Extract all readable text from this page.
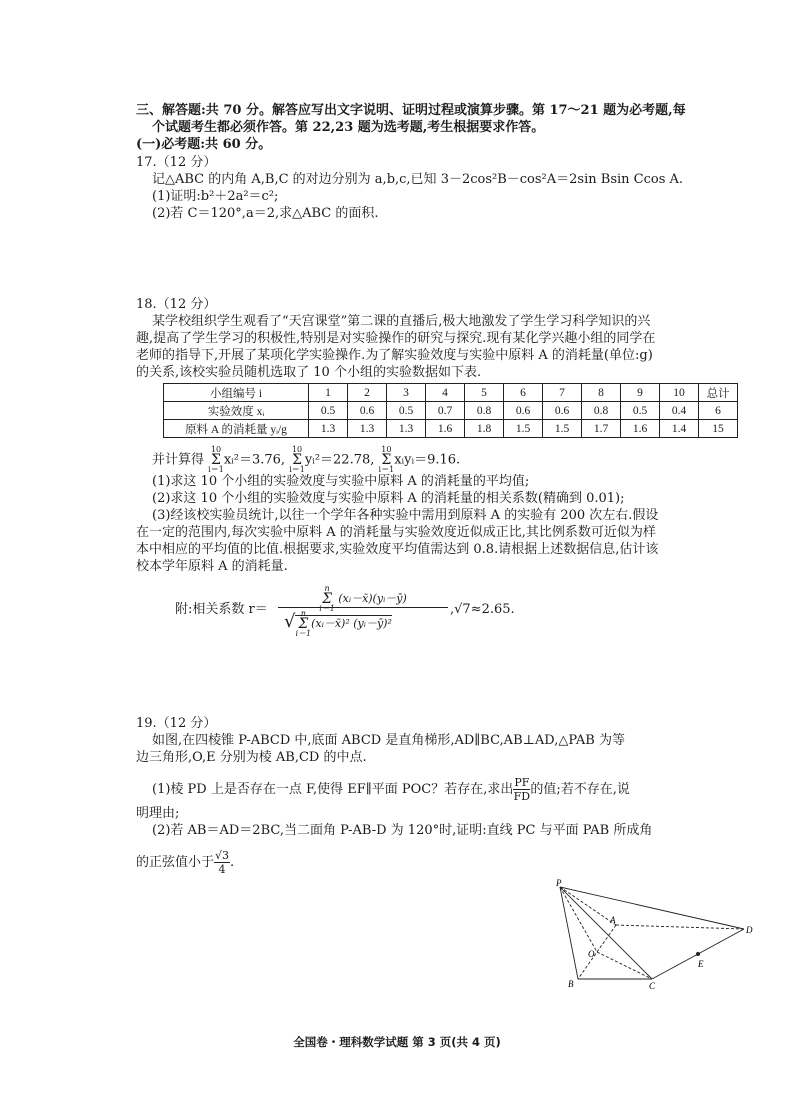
三、解答题:共 70 分。解答应写出文字说明、证明过程或演算步骤。第 17～21 题为必考题,每
个试题考生都必须作答。第 22,23 题为选考题,考生根据要求作答。
(一)必考题:共 60 分。
17.（12 分）
记△ABC 的内角 A,B,C 的对边分别为 a,b,c,已知 3－2cos²B－cos²A＝2sin Bsin Ccos A.
(1)证明:b²＋2a²＝c²;
(2)若 C＝120°,a＝2,求△ABC 的面积.
18.（12 分）
某学校组织学生观看了“天宫课堂”第二课的直播后,极大地激发了学生学习科学知识的兴
趣,提高了学生学习的积极性,特别是对实验操作的研究与探究.现有某化学兴趣小组的同学在
老师的指导下,开展了某项化学实验操作.为了解实验效度与实验中原料 A 的消耗量(单位:g)
的关系,该校实验员随机选取了 10 个小组的实验数据如下表.
小组编号 i	1	2	3	4	5	6	7	8	9	10	总计
实验效度 xᵢ	0.5	0.6	0.5	0.7	0.8	0.6	0.6	0.8	0.5	0.4	6
原料 A 的消耗量 yᵢ/g	1.3	1.3	1.3	1.6	1.8	1.5	1.5	1.7	1.6	1.4	15
并计算得 10
Σ
i＝1xᵢ²＝3.76, 10
Σ
i＝1yᵢ²＝22.78, 10
Σ
i＝1xᵢyᵢ＝9.16.
(1)求这 10 个小组的实验效度与实验中原料 A 的消耗量的平均值;
(2)求这 10 个小组的实验效度与实验中原料 A 的消耗量的相关系数(精确到 0.01);
(3)经该校实验员统计,以往一个学年各种实验中需用到原料 A 的实验有 200 次左右.假设
在一定的范围内,每次实验中原料 A 的消耗量与实验效度近似成正比,其比例系数可近似为样
本中相应的平均值的比值.根据要求,实验效度平均值需达到 0.8.请根据上述数据信息,估计该
校本学年原料 A 的消耗量.
附:相关系数 r＝
n
Σ
i＝1 (xᵢ－x̄)(yᵢ－ȳ)
√ n
Σ
i＝1(xᵢ－x̄)² (yᵢ－ȳ)²
,√7≈2.65.
19.（12 分）
如图,在四棱锥 P-ABCD 中,底面 ABCD 是直角梯形,AD∥BC,AB⊥AD,△PAB 为等
边三角形,O,E 分别为棱 AB,CD 的中点.
(1)棱 PD 上是否存在一点 F,使得 EF∥平面 POC？若存在,求出 $\frac{PF}{FD}$ 的值;若不存在,说
明理由;
(2)若 AB＝AD＝2BC,当二面角 P-AB-D 为 120°时,证明:直线 PC 与平面 PAB 所成角
的正弦值小于 $\frac{√3}{4}$ .
P
A
D
O
E
B	C
全国卷・理科数学试题 第 3 页(共 4 页)
